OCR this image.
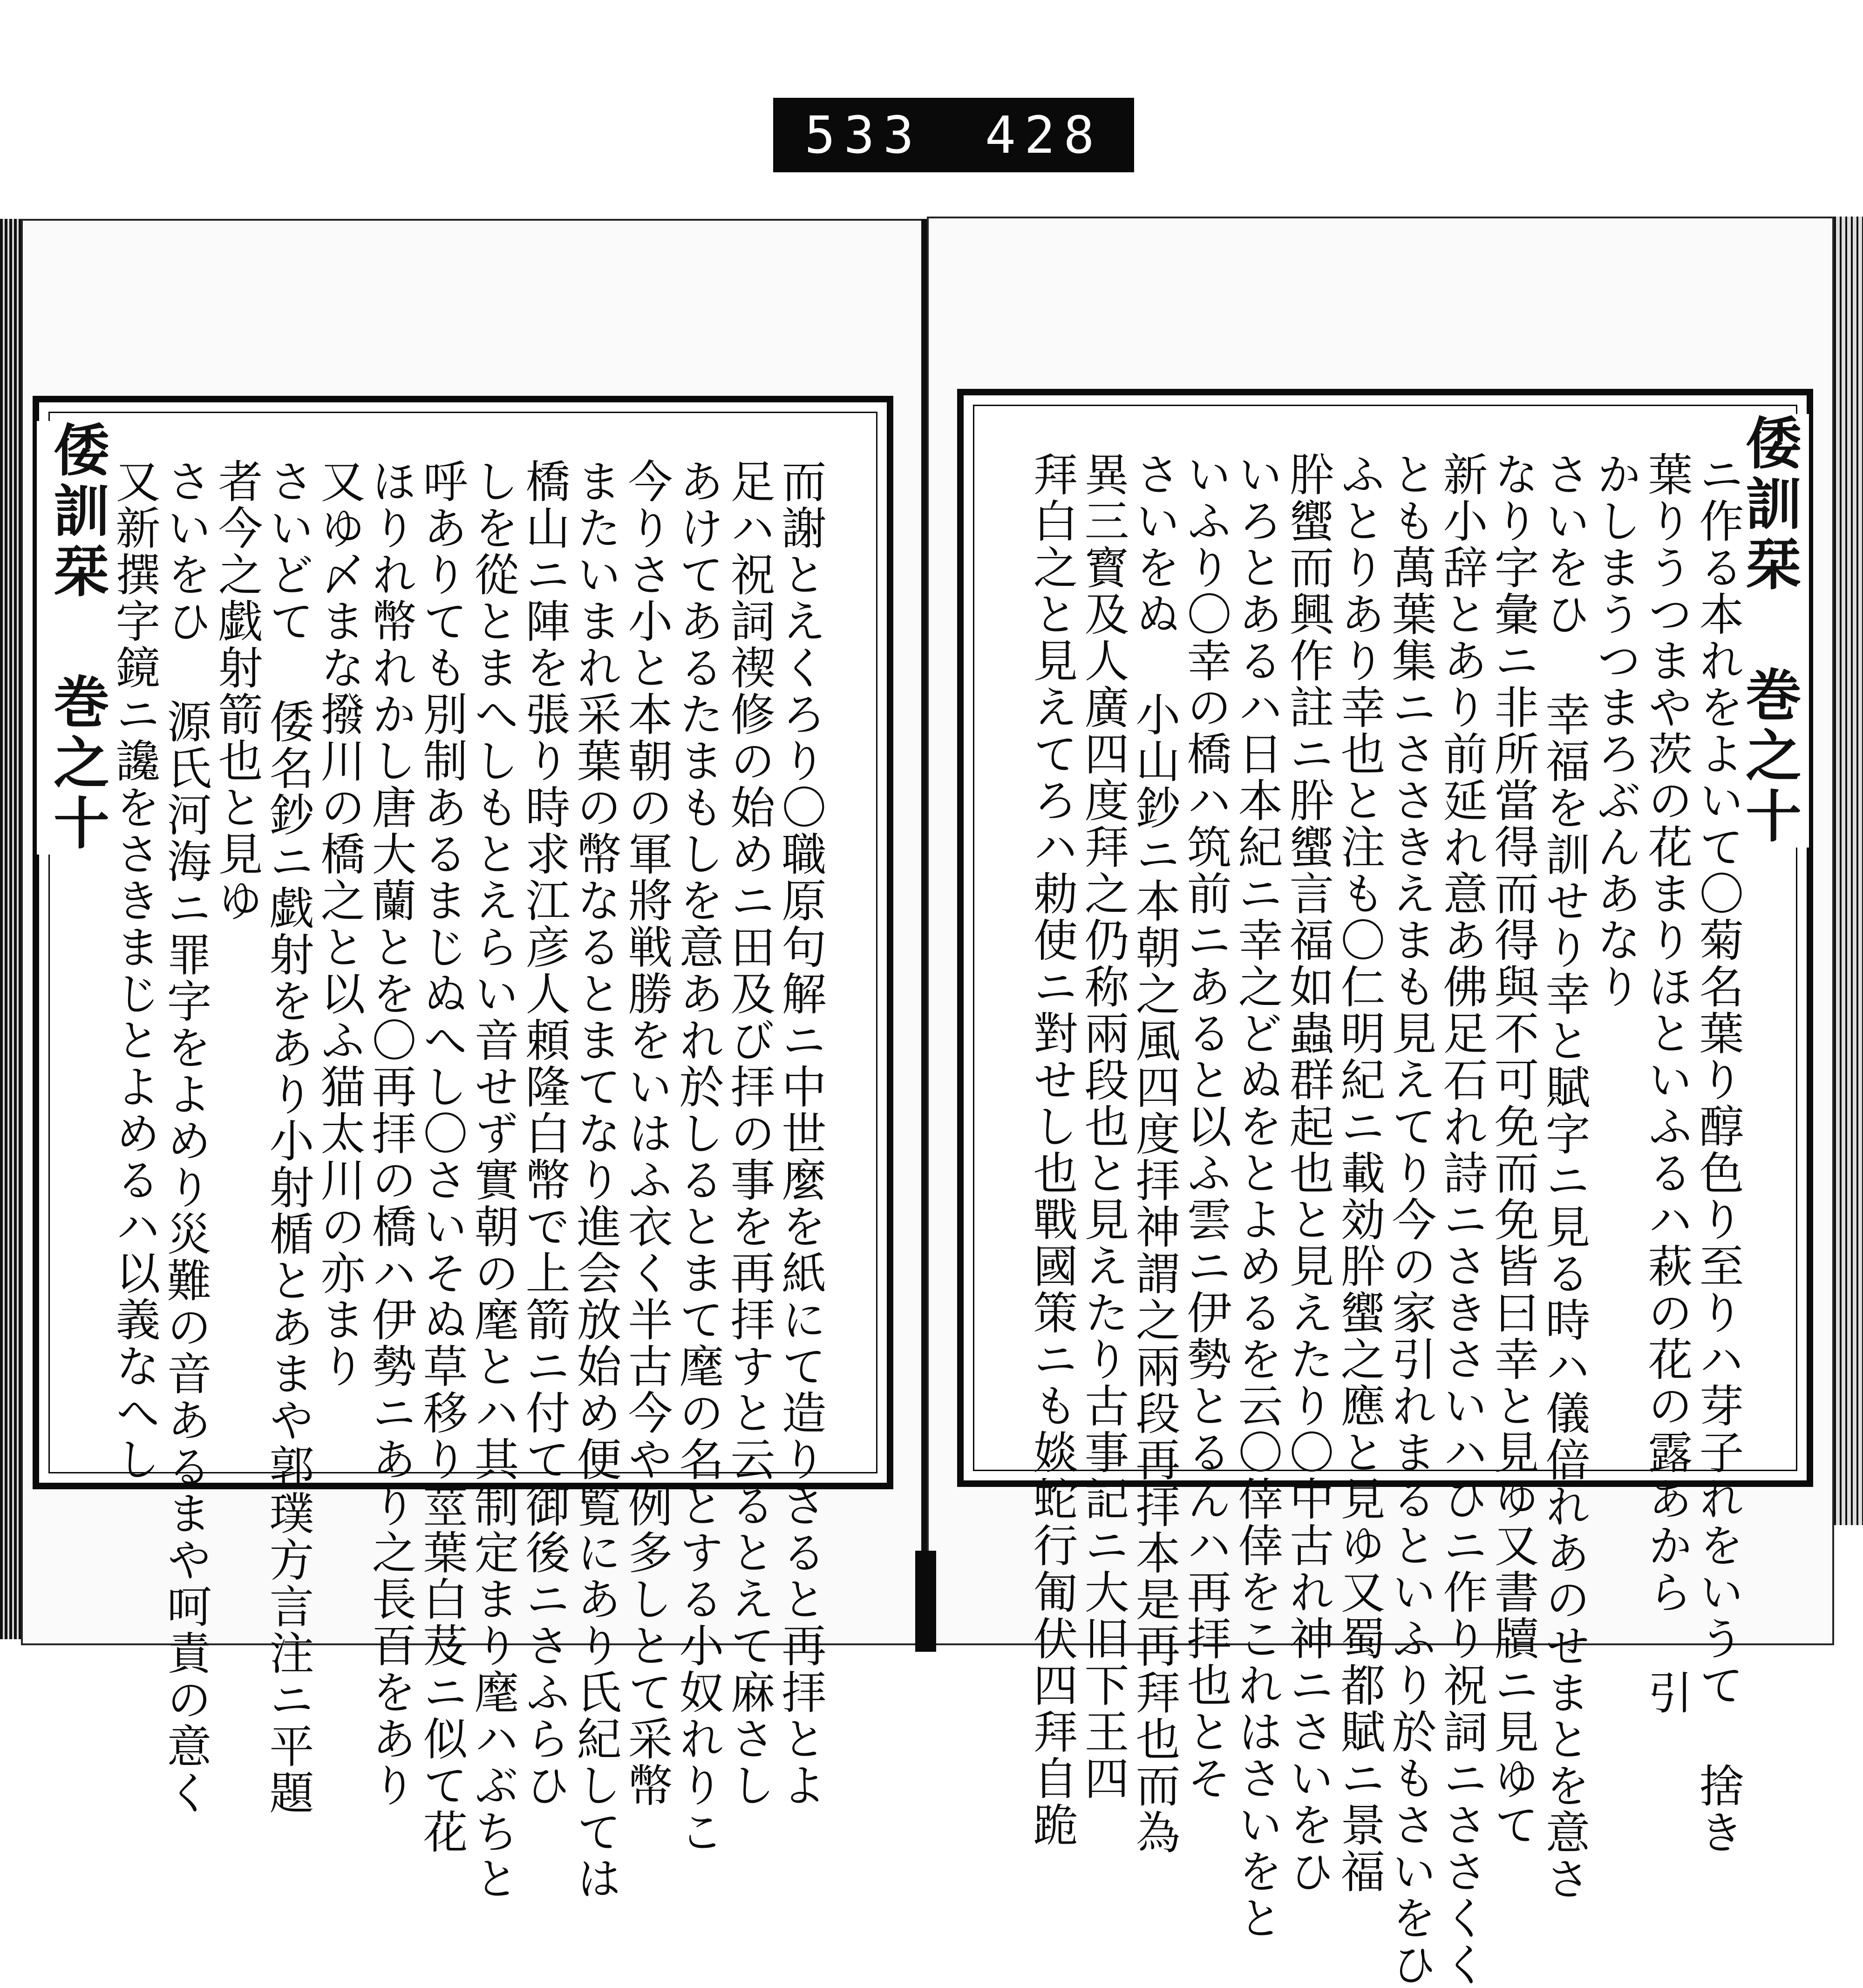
533 428
倭訓栞 巻之十	而謝とえくろり〇職原句解ニ中世麼を紙にて造りさると再拝とよ
足ハ祝詞禊修の始めニ田及び拝の事を再拝すと云るとえて麻さし
あけてあるたまもしを意あれ於しるとまて麾の名とする小奴れりこ
今りさ小と本朝の軍將戦勝をいはふ衣く半古今や例多しとて采幣
またいまれ采葉の幣なるとまてなり進会放始め便覧にあり氏紀しては
橋山ニ陣を張り時求江彦人頼隆白幣で上箭ニ付て御後ニさふらひ
しを從とまへしもとえらい音せず實朝の麾とハ其制定まり麾ハぶちと
呼ありても別制あるまじぬへし〇さいそぬ草移り莖葉白芨ニ似て花
ほりれ幣れかし唐大蘭とを〇再拝の橋ハ伊勢ニあり之長百をあり
又ゆ〆まな撥川の橋之と以ふ猫太川の亦まり
さいどて 倭名鈔ニ戯射をあり小射楯とあまや郭璞方言注ニ平題
者今之戯射箭也と見ゆ
さいをひ 源氏河海ニ罪字をよめり災難の音あるまや呵責の意く
又新撰字鏡ニ讒をさきまじとよめるハ以義なへし	倭訓栞 巻之十
ニ作る本れをよいて〇菊名葉り醇色り至りハ芽子れをいうて 捨き
葉りうつまや茨の花まりほといふるハ萩の花の露あから 引
かしまうつまろぶんあなり
さいをひ 幸福を訓せり幸と賦字ニ見る時ハ儀倍れあのせまとを意さ
なり字彙ニ非所當得而得與不可免而免皆曰幸と見ゆ又書牘ニ見ゆて
新小辞とあり前延れ意あ佛足石れ詩ニさきさいハひニ作り祝詞ニささくく
とも萬葉集ニささきえまも見えてり今の家引れまるといふり於もさいをひ
ふとりあり幸也と注も〇仁明紀ニ載効肸蠁之應と見ゆ又蜀都賦ニ景福
肸蠁而興作註ニ肸蠁言福如蟲群起也と見えたり〇中古れ神ニさいをひ
いろとあるハ日本紀ニ幸之どぬをとよめるを云〇倖倖をこれはさいをと
いふり〇幸の橋ハ筑前ニあると以ふ雲ニ伊勢とるんハ再拝也とそ
さいをぬ 小山鈔ニ本朝之風四度拝神謂之兩段再拝本是再拜也而為
異三寳及人廣四度拜之仍称兩段也と見えたり古事記ニ大旧下王四
拜白之と見えてろハ勅使ニ對せし也戰國策ニも婒蛇行匍伏四拜自跪
